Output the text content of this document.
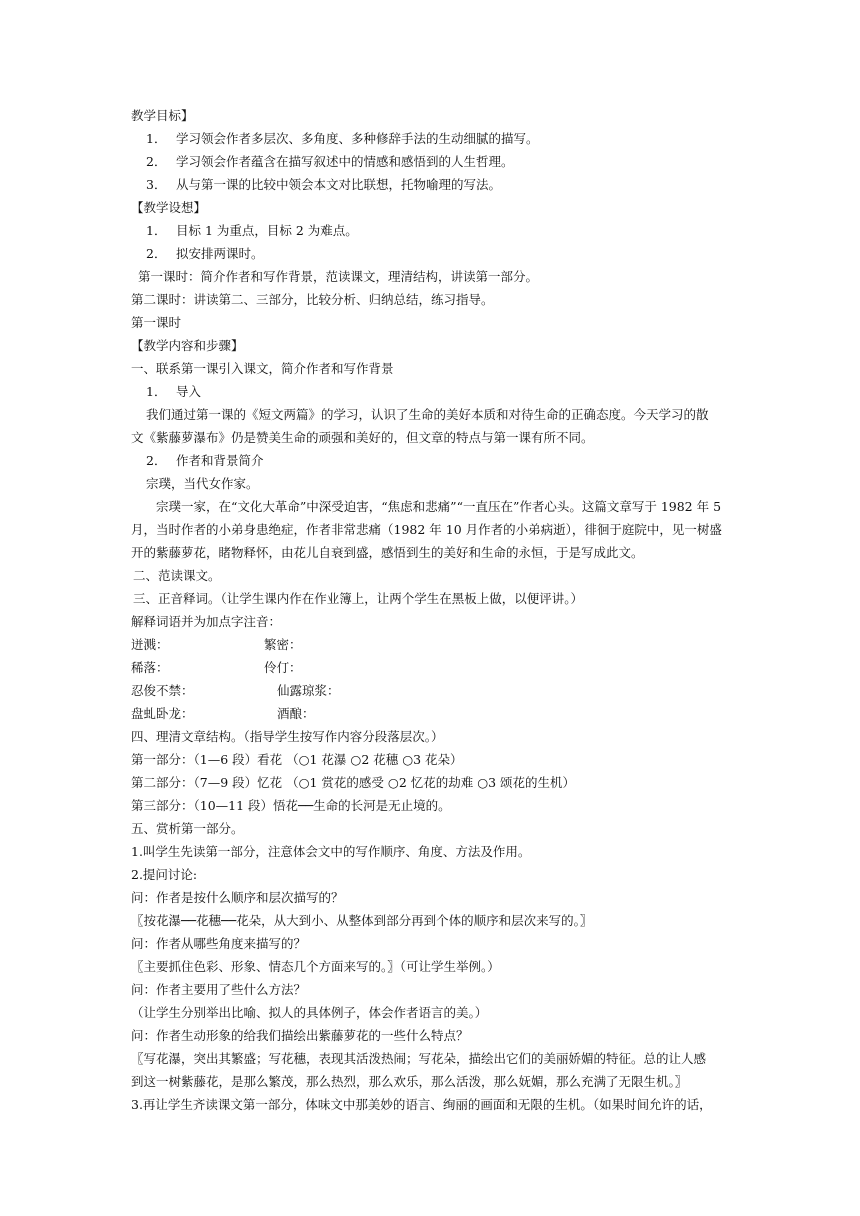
教学目标】
1． 学习领会作者多层次、多角度、多种修辞手法的生动细腻的描写。
2． 学习领会作者蕴含在描写叙述中的情感和感悟到的人生哲理。
3． 从与第一课的比较中领会本文对比联想，托物喻理的写法。
【教学设想】
1． 目标 1 为重点，目标 2 为难点。
2． 拟安排两课时。
第一课时：简介作者和写作背景，范读课文，理清结构，讲读第一部分。
第二课时：讲读第二、三部分，比较分析、归纳总结，练习指导。
第一课时
【教学内容和步骤】
一、联系第一课引入课文，简介作者和写作背景
1． 导入
我们通过第一课的《短文两篇》的学习，认识了生命的美好本质和对待生命的正确态度。今天学习的散
文《紫藤萝瀑布》仍是赞美生命的顽强和美好的，但文章的特点与第一课有所不同。
2． 作者和背景简介
宗璞，当代女作家。
宗璞一家，在“文化大革命”中深受迫害，“焦虑和悲痛”“一直压在”作者心头。这篇文章写于 1982 年 5
月，当时作者的小弟身患绝症，作者非常悲痛（1982 年 10 月作者的小弟病逝），徘徊于庭院中，见一树盛
开的紫藤萝花，睹物释怀，由花儿自衰到盛，感悟到生的美好和生命的永恒，于是写成此文。
二、范读课文。
三、正音释词。（让学生课内作在作业簿上，让两个学生在黑板上做，以便评讲。）
解释词语并为加点字注音：
迸溅：	繁密：
稀落：	伶仃：
忍俊不禁：	仙露琼浆：
盘虬卧龙：	酒酿：
四、理清文章结构。（指导学生按写作内容分段落层次。）
第一部分：（1—6 段）看花 （○1 花瀑 ○2 花穗 ○3 花朵）
第二部分：（7—9 段）忆花 （○1 赏花的感受 ○2 忆花的劫难 ○3 颂花的生机）
第三部分：（10—11 段）悟花──生命的长河是无止境的。
五、赏析第一部分。
1.叫学生先读第一部分，注意体会文中的写作顺序、角度、方法及作用。
2.提问讨论:
问：作者是按什么顺序和层次描写的？
〖按花瀑──花穗──花朵，从大到小、从整体到部分再到个体的顺序和层次来写的。〗
问：作者从哪些角度来描写的？
〖主要抓住色彩、形象、情态几个方面来写的。〗（可让学生举例。）
问：作者主要用了些什么方法？
（让学生分别举出比喻、拟人的具体例子，体会作者语言的美。）
问：作者生动形象的给我们描绘出紫藤萝花的一些什么特点？
〖写花瀑，突出其繁盛；写花穗，表现其活泼热闹；写花朵，描绘出它们的美丽娇媚的特征。总的让人感
到这一树紫藤花，是那么繁茂，那么热烈，那么欢乐，那么活泼，那么妩媚，那么充满了无限生机。〗
3.再让学生齐读课文第一部分，体味文中那美妙的语言、绚丽的画面和无限的生机。（如果时间允许的话，
